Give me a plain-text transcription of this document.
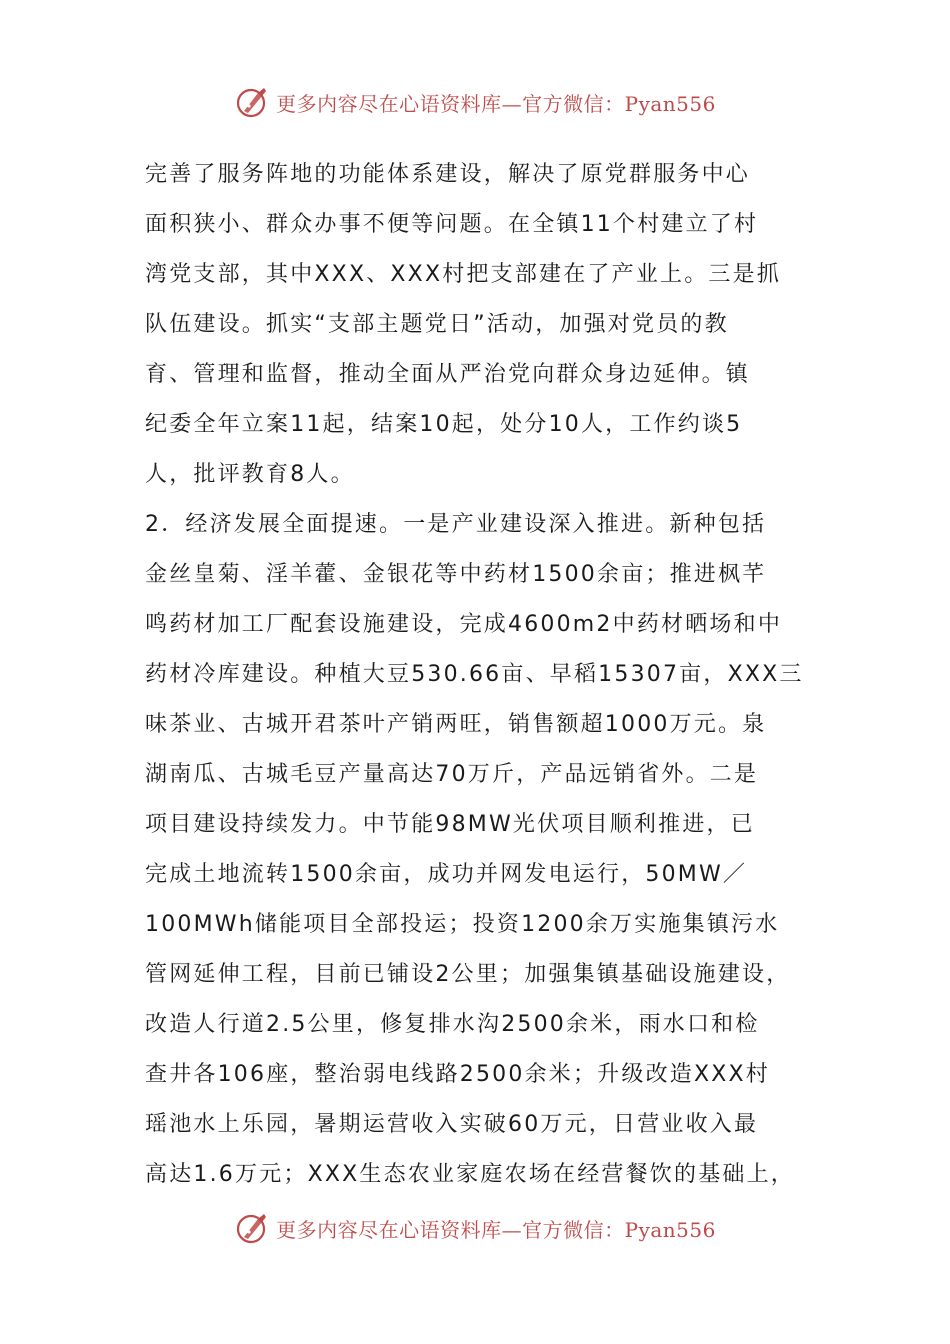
更多内容尽在心语资料库—官方微信：Pyan556
完善了服务阵地的功能体系建设，解决了原党群服务中心
面积狭小、群众办事不便等问题。在全镇11个村建立了村
湾党支部，其中XXX、XXX村把支部建在了产业上。三是抓
队伍建设。抓实“支部主题党日”活动，加强对党员的教
育、管理和监督，推动全面从严治党向群众身边延伸。镇
纪委全年立案11起，结案10起，处分10人，工作约谈5
人，批评教育8人。
2．经济发展全面提速。一是产业建设深入推进。新种包括
金丝皇菊、淫羊藿、金银花等中药材1500余亩；推进枫芊
鸣药材加工厂配套设施建设，完成4600m2中药材晒场和中
药材冷库建设。种植大豆530.66亩、早稻15307亩，XXX三
味茶业、古城开君茶叶产销两旺，销售额超1000万元。泉
湖南瓜、古城毛豆产量高达70万斤，产品远销省外。二是
项目建设持续发力。中节能98MW光伏项目顺利推进，已
完成土地流转1500余亩，成功并网发电运行，50MW／
100MWh储能项目全部投运；投资1200余万实施集镇污水
管网延伸工程，目前已铺设2公里；加强集镇基础设施建设，
改造人行道2.5公里，修复排水沟2500余米，雨水口和检
查井各106座，整治弱电线路2500余米；升级改造XXX村
瑶池水上乐园，暑期运营收入实破60万元，日营业收入最
高达1.6万元；XXX生态农业家庭农场在经营餐饮的基础上，
更多内容尽在心语资料库—官方微信：Pyan556
